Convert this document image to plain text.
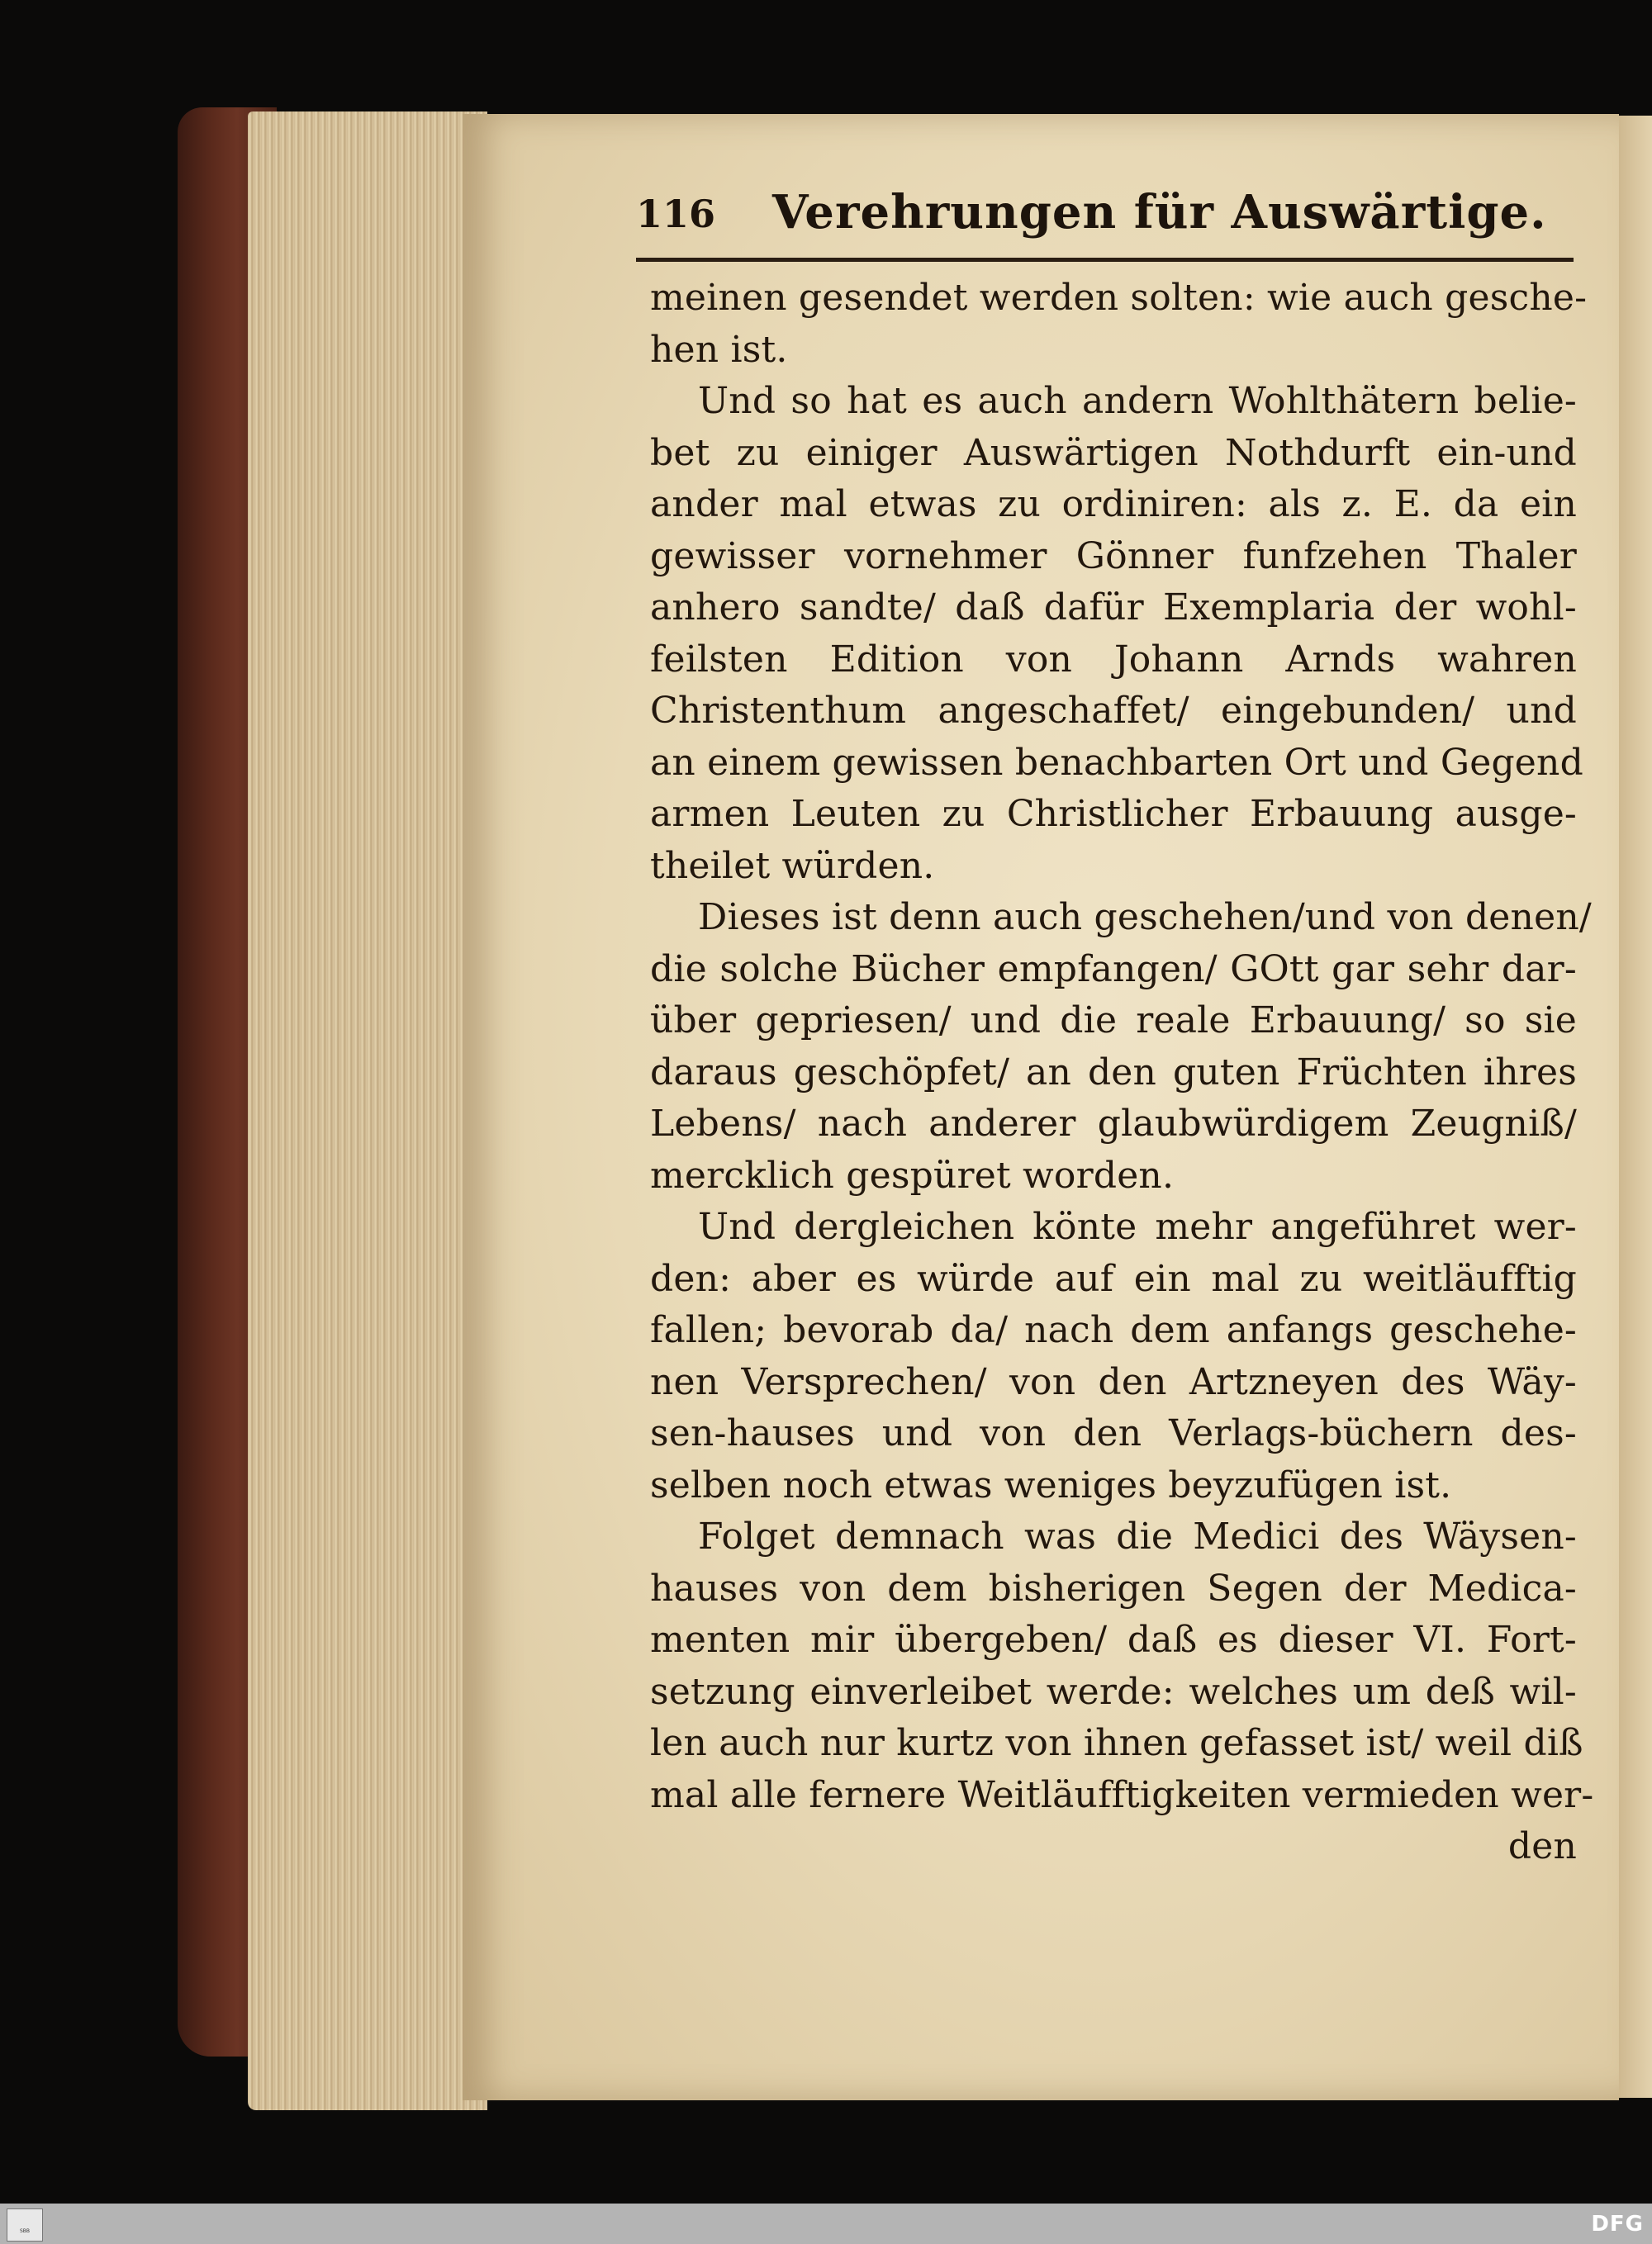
116 Verehrungen für Auswärtige.
meinen gesendet werden solten: wie auch gesche-
hen ist.
Und so hat es auch andern Wohlthätern belie-
bet zu einiger Auswärtigen Nothdurft ein-und
ander mal etwas zu ordiniren: als z. E. da ein
gewisser vornehmer Gönner funfzehen Thaler
anhero sandte/ daß dafür Exemplaria der wohl-
feilsten Edition von Johann Arnds wahren
Christenthum angeschaffet/ eingebunden/ und
an einem gewissen benachbarten Ort und Gegend
armen Leuten zu Christlicher Erbauung ausge-
theilet würden.
Dieses ist denn auch geschehen/und von denen/
die solche Bücher empfangen/ GOtt gar sehr dar-
über gepriesen/ und die reale Erbauung/ so sie
daraus geschöpfet/ an den guten Früchten ihres
Lebens/ nach anderer glaubwürdigem Zeugniß/
mercklich gespüret worden.
Und dergleichen könte mehr angeführet wer-
den: aber es würde auf ein mal zu weitläufftig
fallen; bevorab da/ nach dem anfangs geschehe-
nen Versprechen/ von den Artzneyen des Wäy-
sen-hauses und von den Verlags-büchern des-
selben noch etwas weniges beyzufügen ist.
Folget demnach was die Medici des Wäysen-
hauses von dem bisherigen Segen der Medica-
menten mir übergeben/ daß es dieser VI. Fort-
setzung einverleibet werde: welches um deß wil-
len auch nur kurtz von ihnen gefasset ist/ weil diß
mal alle fernere Weitläufftigkeiten vermieden wer-
den
SBB	DFG
